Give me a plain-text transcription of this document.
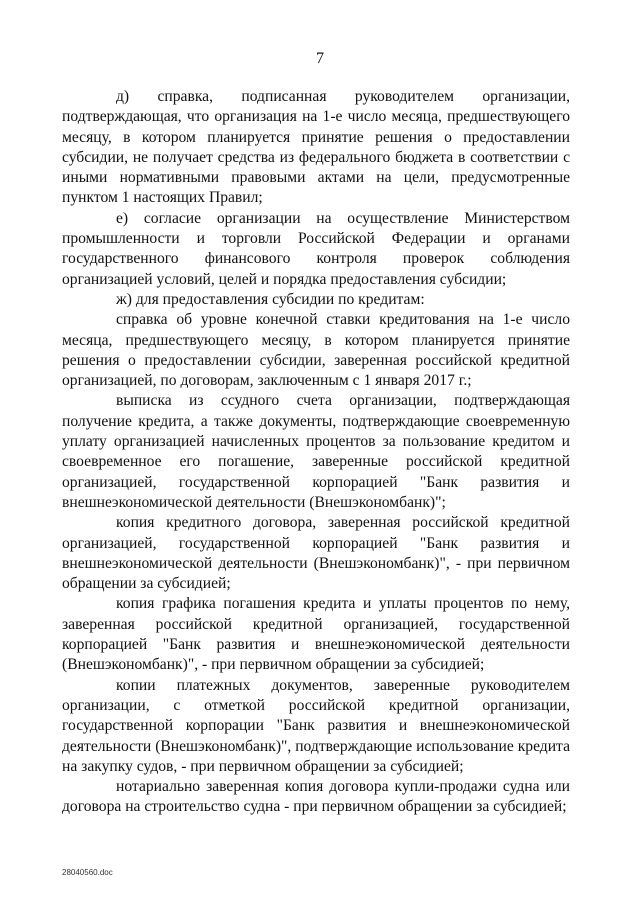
7

д) справка, подписанная руководителем организации, подтверждающая, что организация на 1-е число месяца, предшествующего месяцу, в котором планируется принятие решения о предоставлении субсидии, не получает средства из федерального бюджета в соответствии с иными нормативными правовыми актами на цели, предусмотренные пунктом 1 настоящих Правил;

е) согласие организации на осуществление Министерством промышленности и торговли Российской Федерации и органами государственного финансового контроля проверок соблюдения организацией условий, целей и порядка предоставления субсидии;

ж) для предоставления субсидии по кредитам:

справка об уровне конечной ставки кредитования на 1-е число месяца, предшествующего месяцу, в котором планируется принятие решения о предоставлении субсидии, заверенная российской кредитной организацией, по договорам, заключенным с 1 января 2017 г.;

выписка из ссудного счета организации, подтверждающая получение кредита, а также документы, подтверждающие своевременную уплату организацией начисленных процентов за пользование кредитом и своевременное его погашение, заверенные российской кредитной организацией, государственной корпорацией "Банк развития и внешнеэкономической деятельности (Внешэкономбанк)";

копия кредитного договора, заверенная российской кредитной организацией, государственной корпорацией "Банк развития и внешнеэкономической деятельности (Внешэкономбанк)", - при первичном обращении за субсидией;

копия графика погашения кредита и уплаты процентов по нему, заверенная российской кредитной организацией, государственной корпорацией "Банк развития и внешнеэкономической деятельности (Внешэкономбанк)", - при первичном обращении за субсидией;

копии платежных документов, заверенные руководителем организации, с отметкой российской кредитной организации, государственной корпорации "Банк развития и внешнеэкономической деятельности (Внешэкономбанк)", подтверждающие использование кредита на закупку судов, - при первичном обращении за субсидией;

нотариально заверенная копия договора купли-продажи судна или договора на строительство судна - при первичном обращении за субсидией;

28040560.doc
